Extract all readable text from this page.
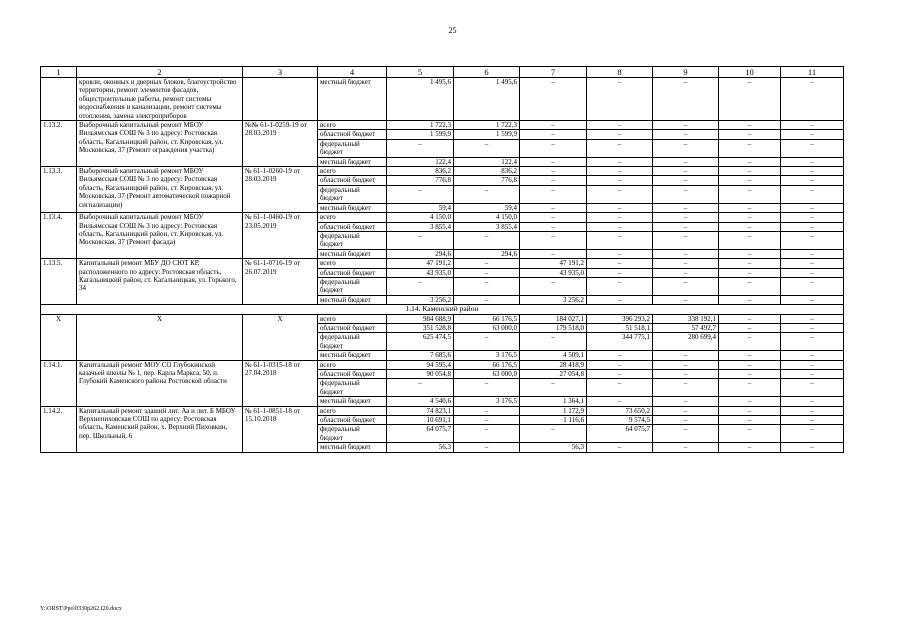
25
1	2	3	4	5	6	7	8	9	10	11
	кровли, оконных и дверных блоков, благоустройство территории, ремонт элементов фасадов, общестроительные работы, ремонт системы водоснабжения и канализации, ремонт системы отопления, замена электроприборов		местный бюджет	1 495,6	1 495,6	–	–	–	–	–
1.13.2.	Выборочный капитальный ремонт МБОУ Вильямсская СОШ № 3 по адресу: Ростовская область, Кагальницкий район, ст. Кировская, ул. Московская, 37 (Ремонт ограждения участка)	№№ 61-1-0259-19 от 28.03.2019	всего	1 722,3	1 722,3	–	–	–	–	–
			областной бюджет	1 599,9	1 599,9	–	–	–	–	–
			федеральный бюджет	–	–	–	–	–	–	–
			местный бюджет	122,4	122,4	–	–	–	–	–
1.13.3.	Выборочный капитальный ремонт МБОУ Вильямсская СОШ № 3 по адресу: Ростовская область, Кагальницкий район, ст. Кировская, ул. Московская, 37 (Ремонт автоматической пожарной сигнализации)	№ 61-1-0260-19 от 28.03.2019	всего	836,2	836,2	–	–	–	–	–
			областной бюджет	776,8	776,8	–	–	–	–	–
			федеральный бюджет	–	–	–	–	–	–	–
			местный бюджет	59,4	59,4	–	–	–	–	–
1.13.4.	Выборочный капитальный ремонт МБОУ Вильямсская СОШ № 3 по адресу: Ростовская область, Кагальницкий район, ст. Кировская, ул. Московская, 37 (Ремонт фасада)	№ 61-1-0460-19 от 23.05.2019	всего	4 150,0	4 150,0	–	–	–	–	–
			областной бюджет	3 855,4	3 855,4	–	–	–	–	–
			федеральный бюджет	–	–	–	–	–	–	–
			местный бюджет	294,6	294,6	–	–	–	–	–
1.13.5.	Капитальный ремонт МБУ ДО СЮТ КР, расположенного по адресу: Ростовская область, Кагальницкий район, ст. Кагальницкая, ул. Горького, 34	№ 61-1-0716-19 от 26.07.2019	всего	47 191,2	–	47 191,2	–	–	–	–
			областной бюджет	43 935,0	–	43 935,0	–	–	–	–
			федеральный бюджет	–	–	–	–	–	–	–
			местный бюджет	3 256,2	–	3 256,2	–	–	–	–
1.14. Каменский район										
Х	Х	Х	всего	984 688,9	66 176,5	184 027,1	396 293,2	338 192,1	–	–
			областной бюджет	351 528,8	63 000,0	179 518,0	51 518,1	57 492,7	–	–
			федеральный бюджет	625 474,5	–	–	344 775,1	280 699,4	–	–
			местный бюджет	7 685,6	3 176,5	4 509,1	–	–	–	–
1.14.1.	Капитальный ремонт МОУ СО Глубокинской казачьей школы № 1, пер. Карла Маркса, 50, п. Глубокий Каменского района Ростовской области	№ 61-1-0315-18 от 27.04.2018	всего	94 595,4	66 176,5	28 418,9	–	–	–	–
			областной бюджет	90 054,8	63 000,0	27 054,8	–	–	–	–
			федеральный бюджет	–	–	–	–	–	–	–
			местный бюджет	4 540,6	3 176,5	1 364,1	–	–	–	–
1.14.2.	Капитальный ремонт здаший лит. Аа и лит. Б МБОУ Верхнепиховская СОШ по адресу: Ростовская область, Каменский район, х. Верхний Пиховкин, пер. Школьный, 6	№ 61-1-0851-18 от 15.10.2018	всего	74 823,1	–	1 172,9	73 650,2	–	–	–
			областной бюджет	10 691,1	–	1 116,6	9 574,5	–	–	–
			федеральный бюджет	64 075,7	–	–	64 075,7	–	–	–
			местный бюджет	56,3	–	56,3	–	–	–	–
Y:\ORST\Ppo\0330p262.f20.docx
